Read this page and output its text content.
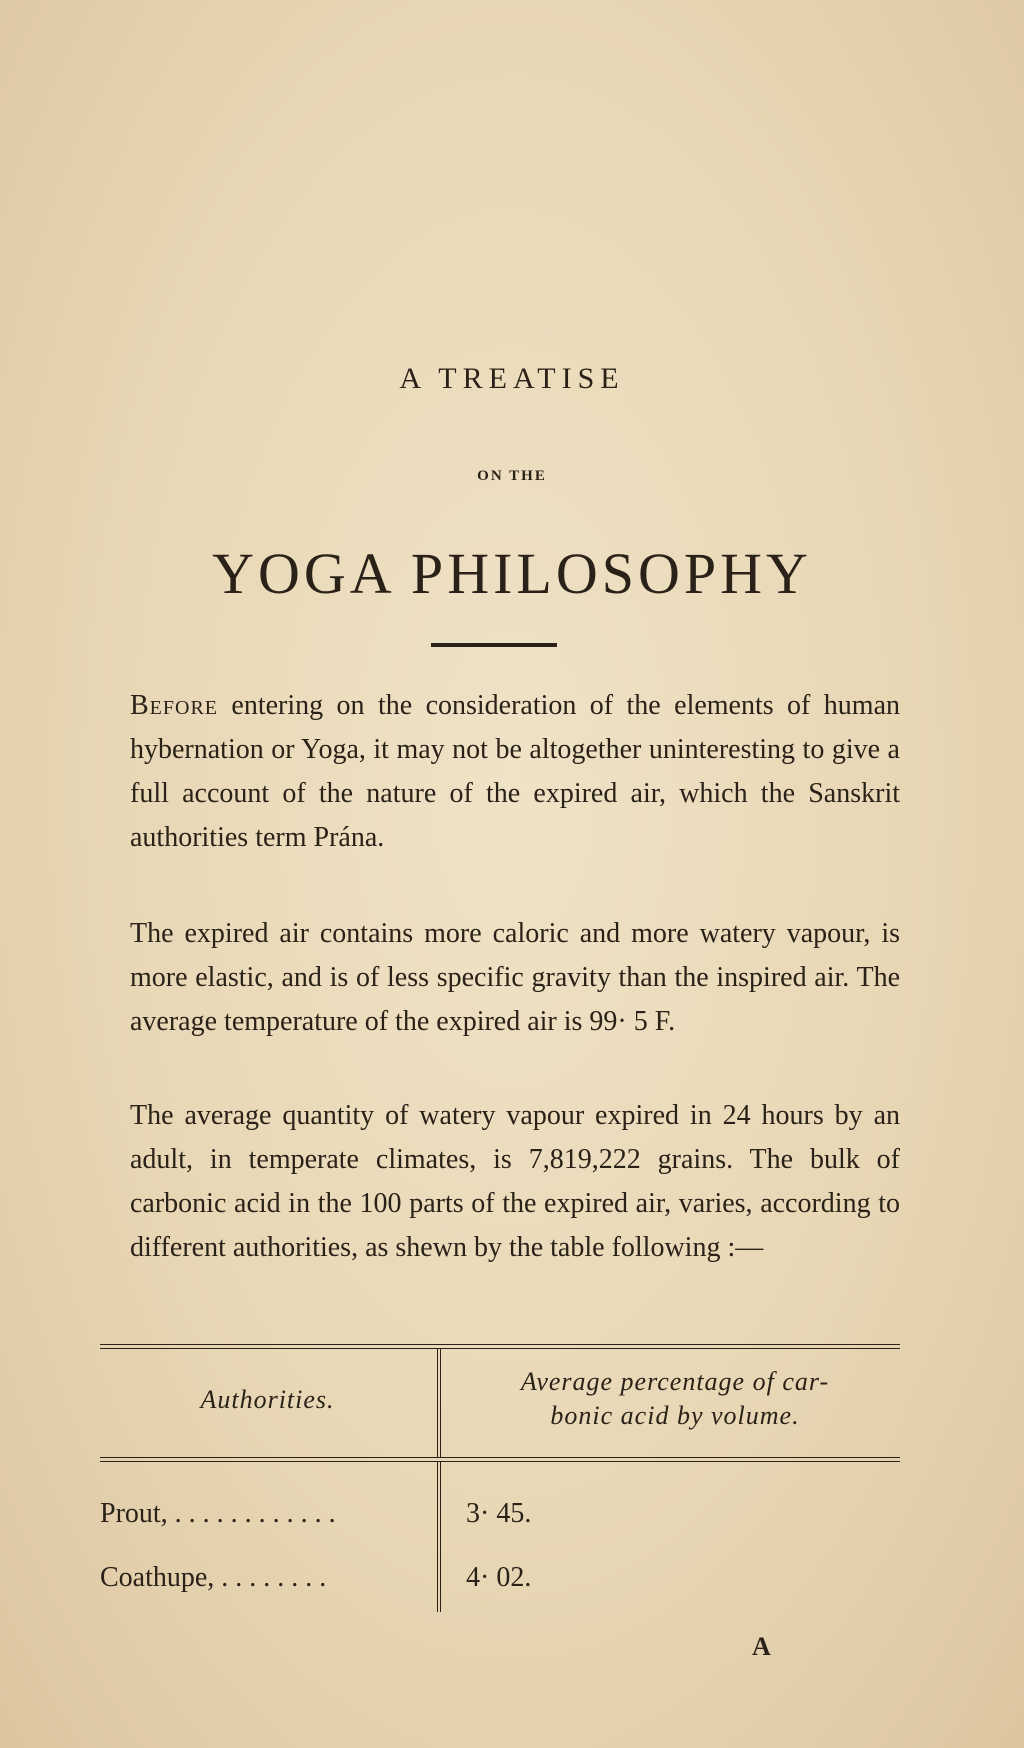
A TREATISE
ON THE
YOGA PHILOSOPHY
Before entering on the consideration of the elements of human hybernation or Yoga, it may not be altogether uninteresting to give a full account of the nature of the expired air, which the Sanskrit authorities term Prána.
The expired air contains more caloric and more watery vapour, is more elastic, and is of less specific gravity than the inspired air. The average temperature of the expired air is 99· 5 F.
The average quantity of watery vapour expired in 24 hours by an adult, in temperate climates, is 7,819,222 grains. The bulk of carbonic acid in the 100 parts of the expired air, varies, according to different authorities, as shewn by the table following :—
Authorities.
Average percentage of car-
bonic acid by volume.
Prout, . . . . . . . . . . . .	3· 45.
Coathupe, . . . . . . . .	4· 02.
A
